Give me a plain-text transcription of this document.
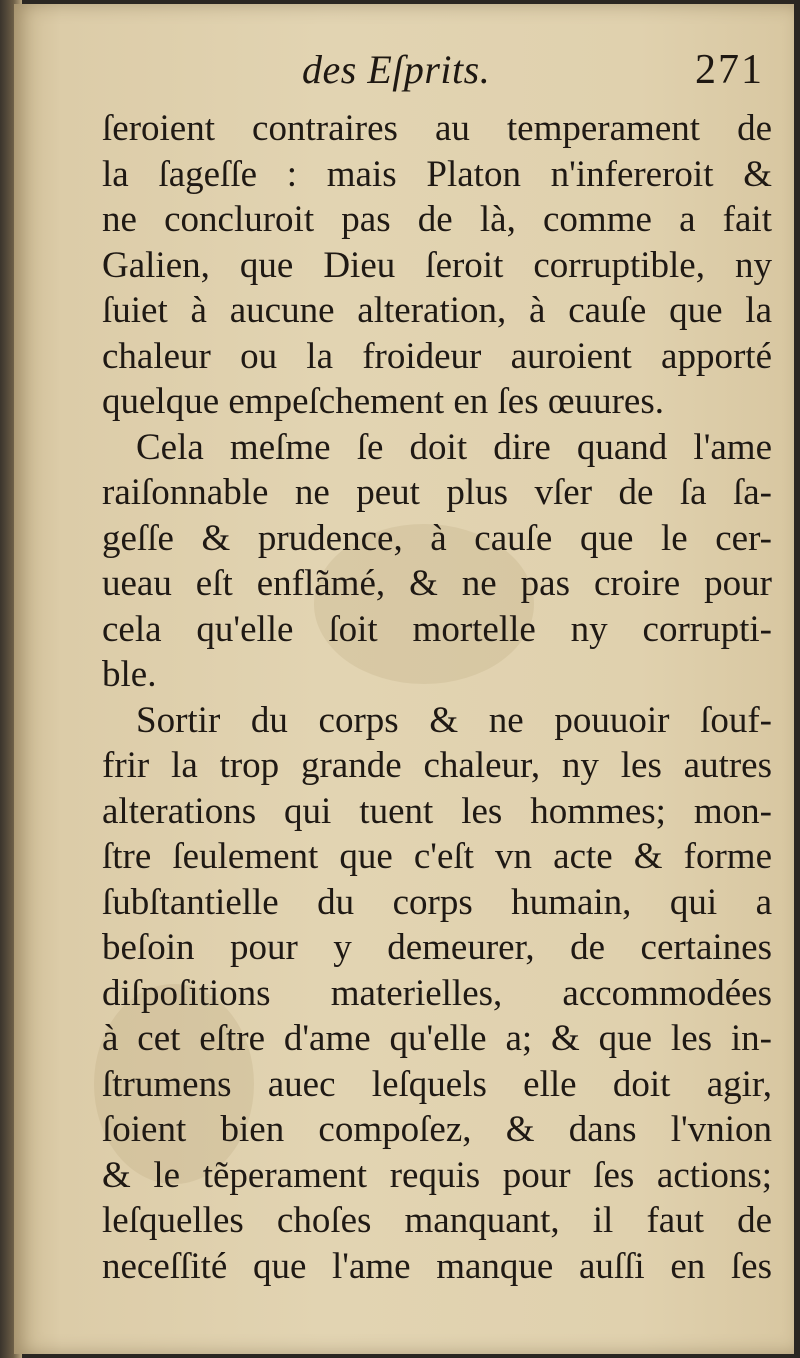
des Eſprits.	271
ſeroient contraires au temperament de
la ſageſſe : mais Platon n'infereroit &
ne concluroit pas de là, comme a fait
Galien, que Dieu ſeroit corruptible, ny
ſuiet à aucune alteration, à cauſe que la
chaleur ou la froideur auroient apporté
quelque empeſchement en ſes œuures.
Cela meſme ſe doit dire quand l'ame
raiſonnable ne peut plus vſer de ſa ſa-
geſſe & prudence, à cauſe que le cer-
ueau eſt enflãmé, & ne pas croire pour
cela qu'elle ſoit mortelle ny corrupti-
ble.
Sortir du corps & ne pouuoir ſouf-
frir la trop grande chaleur, ny les autres
alterations qui tuent les hommes; mon-
ſtre ſeulement que c'eſt vn acte & forme
ſubſtantielle du corps humain, qui a
beſoin pour y demeurer, de certaines
diſpoſitions materielles, accommodées
à cet eſtre d'ame qu'elle a; & que les in-
ſtrumens auec leſquels elle doit agir,
ſoient bien compoſez, & dans l'vnion
& le tẽperament requis pour ſes actions;
leſquelles choſes manquant, il faut de
neceſſité que l'ame manque auſſi en ſes
